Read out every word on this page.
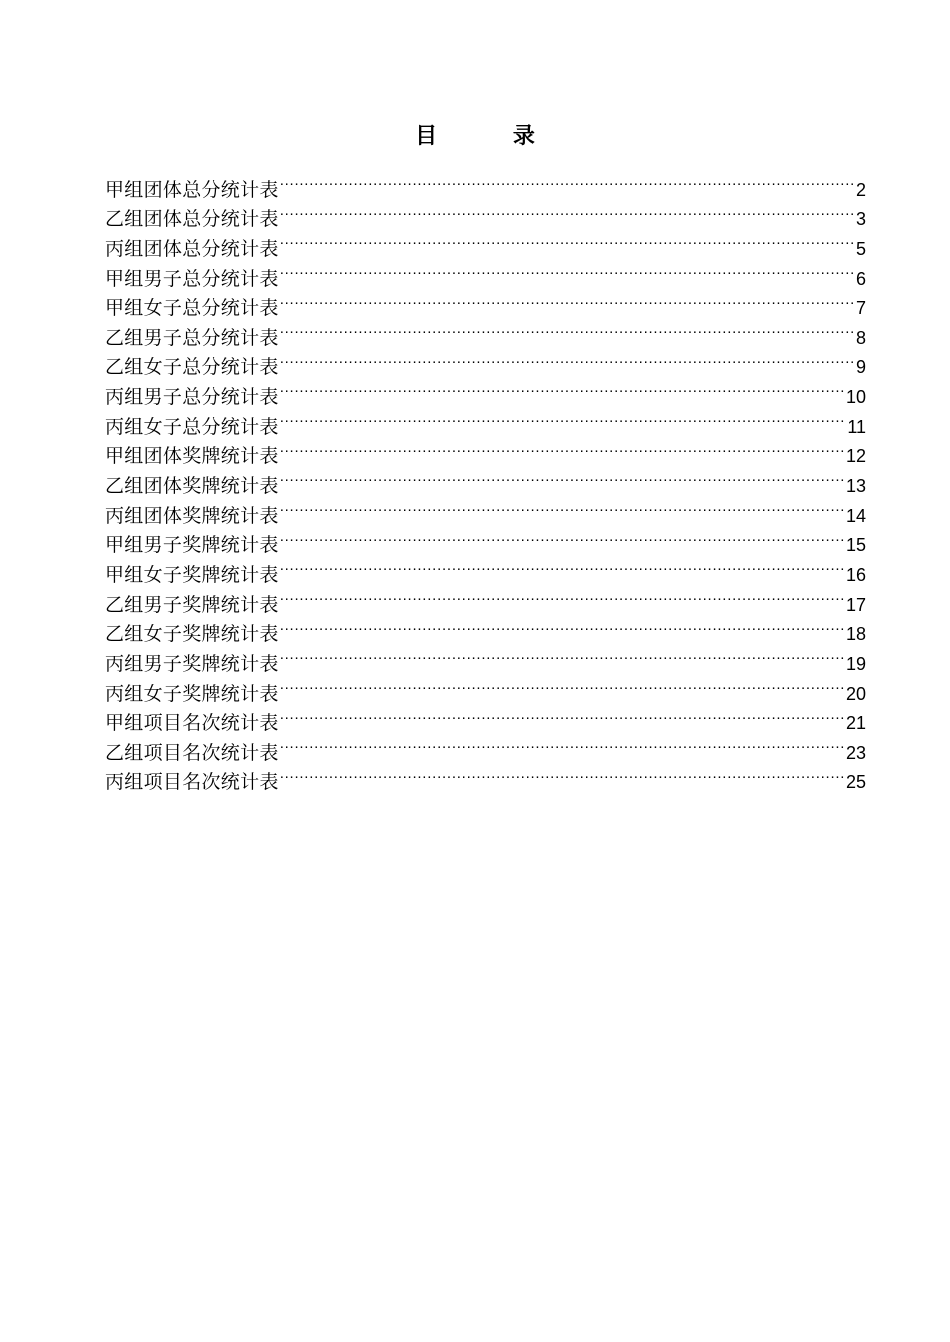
目 录
甲组团体总分统计表 .....	2
乙组团体总分统计表 .....	3
丙组团体总分统计表 .....	5
甲组男子总分统计表 .....	6
甲组女子总分统计表 .....	7
乙组男子总分统计表 .....	8
乙组女子总分统计表 .....	9
丙组男子总分统计表 .....	10
丙组女子总分统计表 .....	11
甲组团体奖牌统计表 .....	12
乙组团体奖牌统计表 .....	13
丙组团体奖牌统计表 .....	14
甲组男子奖牌统计表 .....	15
甲组女子奖牌统计表 .....	16
乙组男子奖牌统计表 .....	17
乙组女子奖牌统计表 .....	18
丙组男子奖牌统计表 .....	19
丙组女子奖牌统计表 .....	20
甲组项目名次统计表 .....	21
乙组项目名次统计表 .....	23
丙组项目名次统计表 .....	25
